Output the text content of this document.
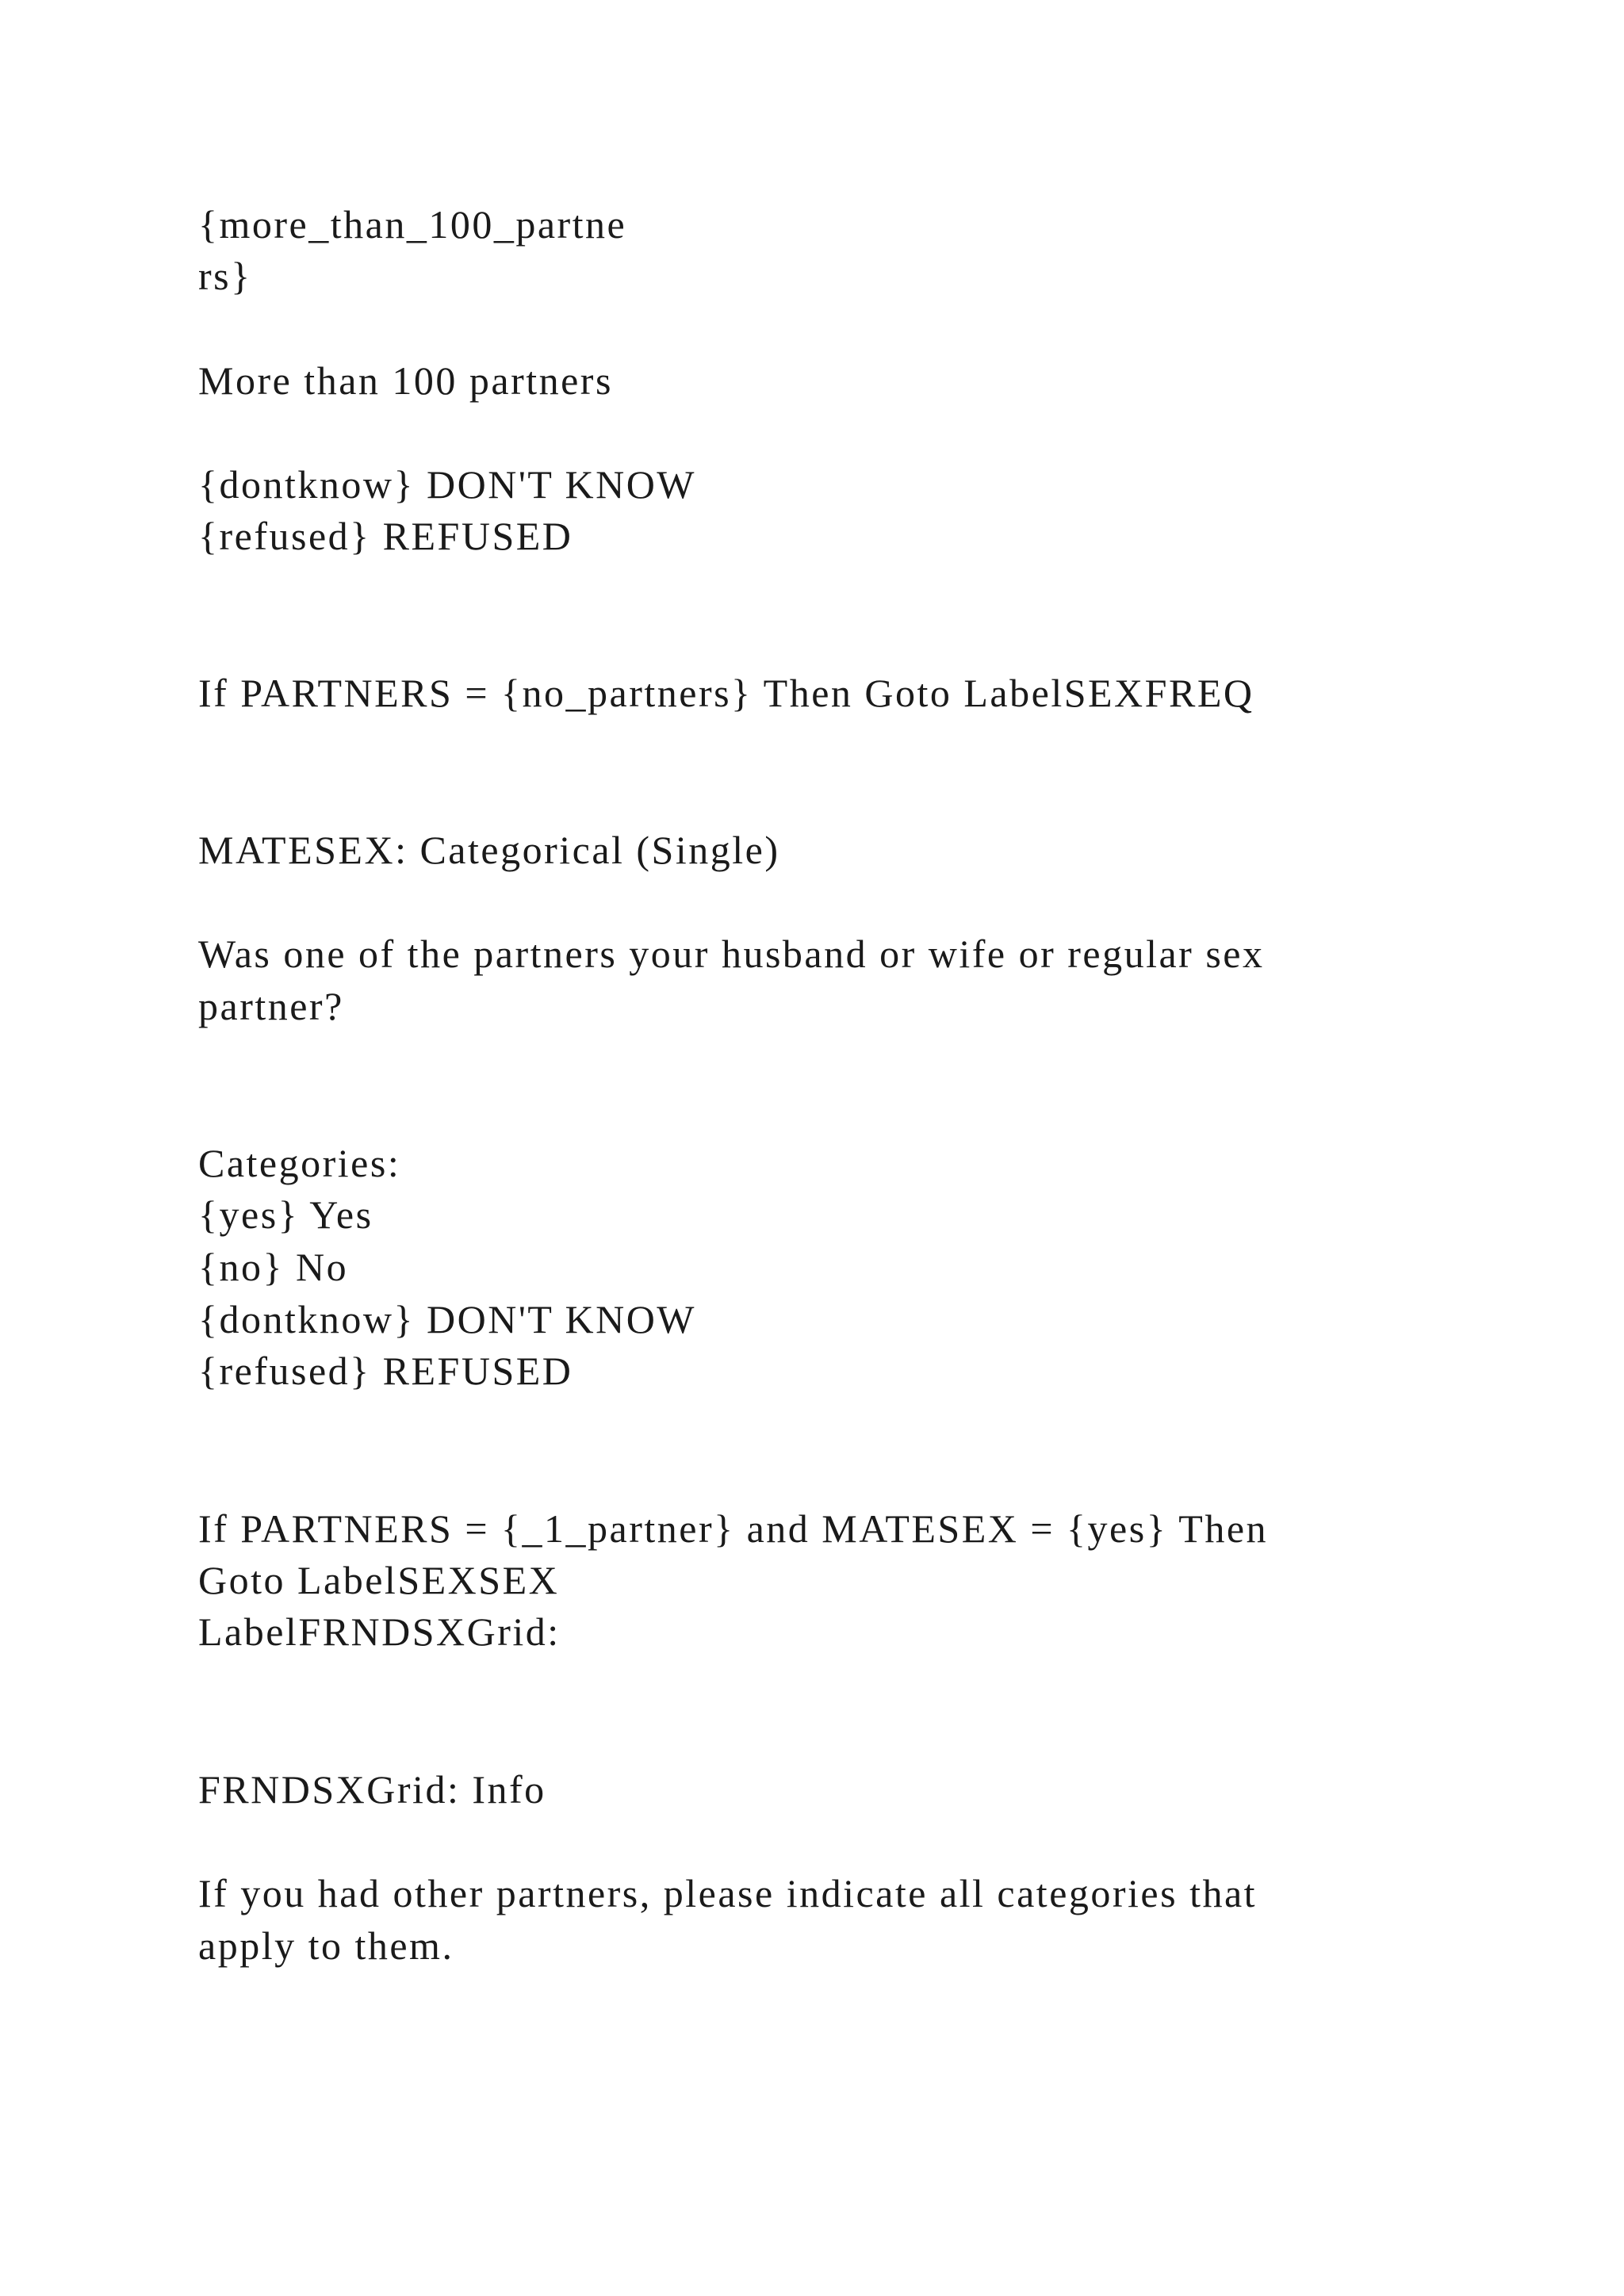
{more_than_100_partne
rs}
More than 100 partners
{dontknow} DON'T KNOW
{refused} REFUSED
If PARTNERS = {no_partners} Then Goto LabelSEXFREQ
MATESEX: Categorical (Single)
Was one of the partners your husband or wife or regular sex
partner?
Categories:
{yes} Yes
{no} No
{dontknow} DON'T KNOW
{refused} REFUSED
If PARTNERS = {_1_partner} and MATESEX = {yes} Then
Goto LabelSEXSEX
LabelFRNDSXGrid:
FRNDSXGrid: Info
If you had other partners, please indicate all categories that
apply to them.
